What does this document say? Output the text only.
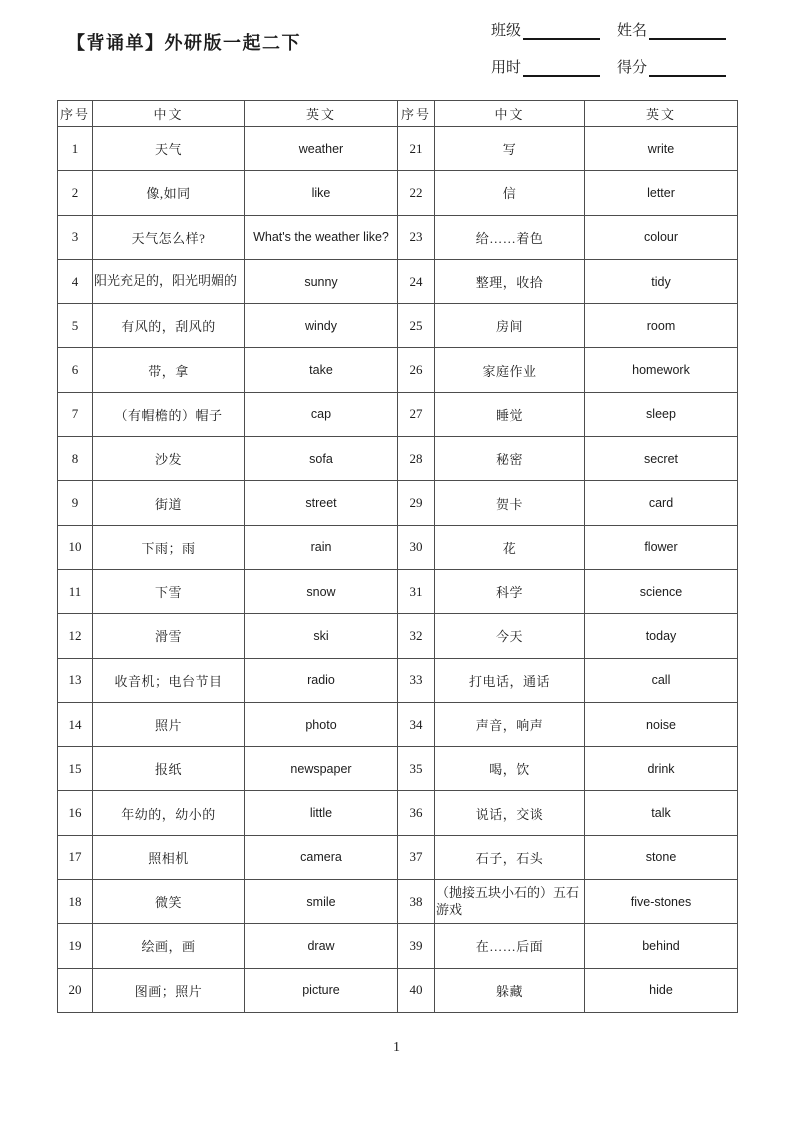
【背诵单】外研版一起二下
班级	姓名
用时	得分
序号	中文	英文	序号	中文	英文
1	天气	weather	21	写	write
2	像,如同	like	22	信	letter
3	天气怎么样?	What's the weather like?	23	给……着色	colour
4	阳光充足的，阳光明媚的	sunny	24	整理，收拾	tidy
5	有风的，刮风的	windy	25	房间	room
6	带，拿	take	26	家庭作业	homework
7	（有帽檐的）帽子	cap	27	睡觉	sleep
8	沙发	sofa	28	秘密	secret
9	街道	street	29	贺卡	card
10	下雨；雨	rain	30	花	flower
11	下雪	snow	31	科学	science
12	滑雪	ski	32	今天	today
13	收音机；电台节目	radio	33	打电话，通话	call
14	照片	photo	34	声音，响声	noise
15	报纸	newspaper	35	喝，饮	drink
16	年幼的，幼小的	little	36	说话，交谈	talk
17	照相机	camera	37	石子，石头	stone
18	微笑	smile	38	（抛接五块小石的）五石游戏	five-stones
19	绘画，画	draw	39	在……后面	behind
20	图画；照片	picture	40	躲藏	hide
1
